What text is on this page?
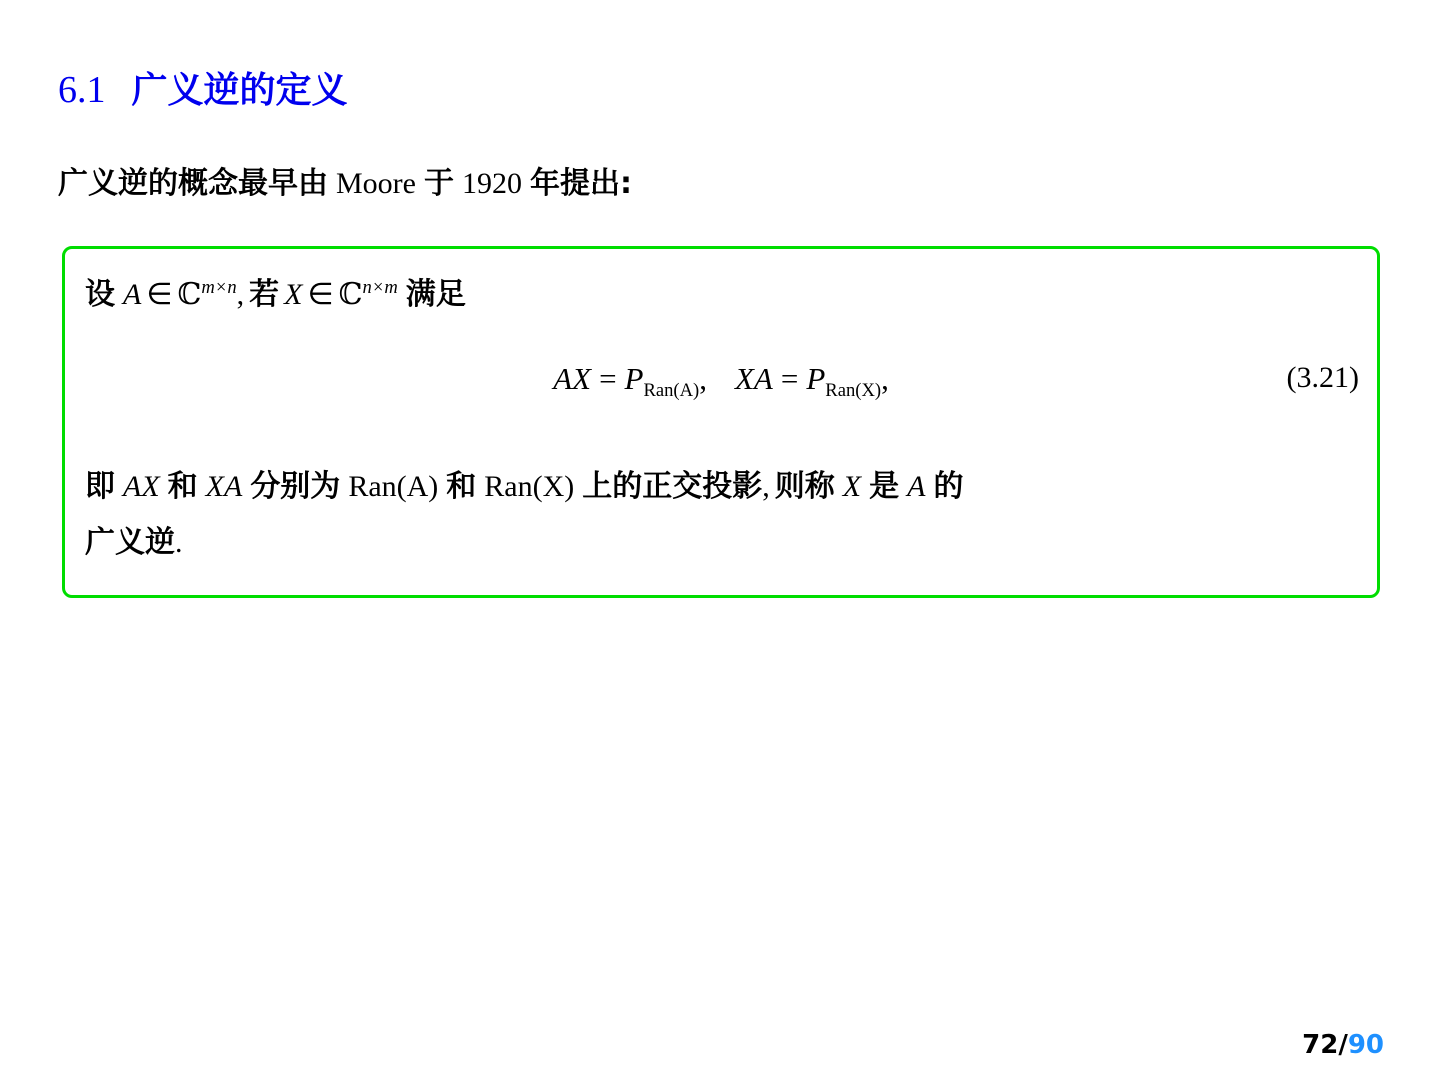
6.1 广义逆的定义
广义逆的概念最早由 Moore 于 1920 年提出:
设 A ∈ ℂ$^{m\times n}$, 若 X ∈ ℂ$^{n\times m}$ 满足
AX = $P_{Ran(A)}$, XA = $P_{Ran(X)}$,	(3.21)
即 AX 和 XA 分别为 Ran(A) 和 Ran(X) 上的正交投影, 则称 X 是 A 的
广义逆.
72/90
